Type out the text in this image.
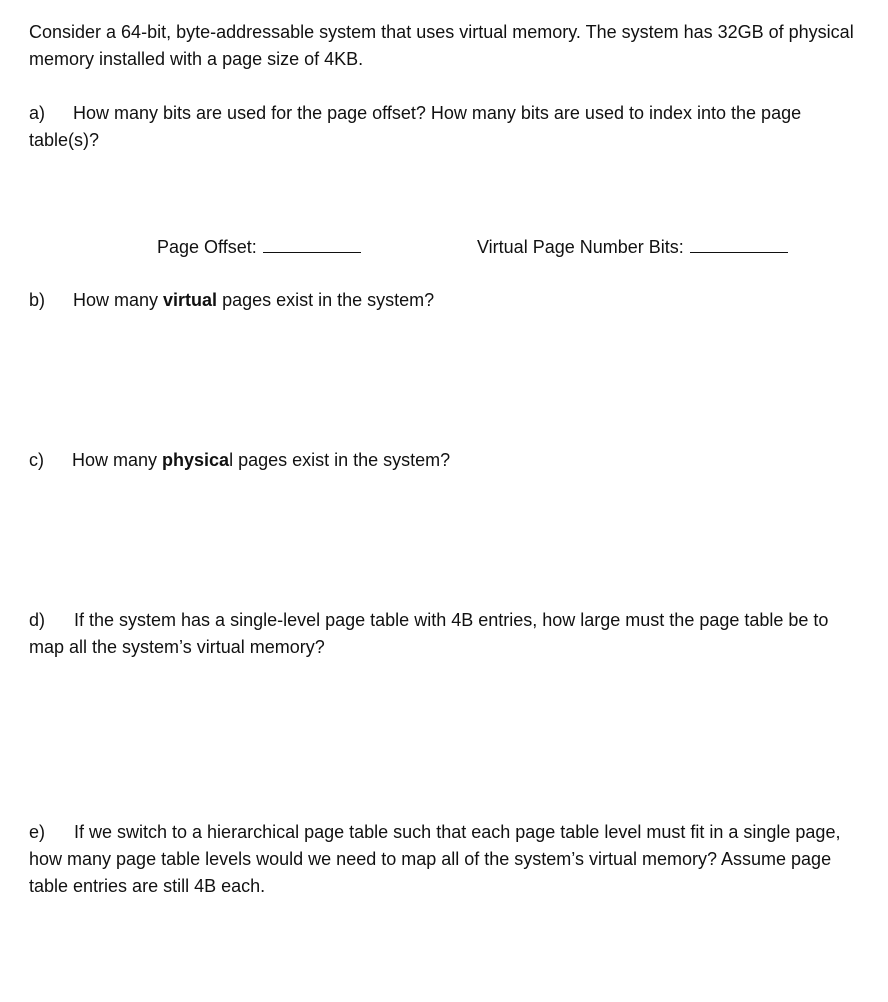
Consider a 64-bit, byte-addressable system that uses virtual memory. The system has 32GB of physical memory installed with a page size of 4KB.
a) How many bits are used for the page offset? How many bits are used to index into the page table(s)?
Page Offset:	Virtual Page Number Bits:
b) How many virtual pages exist in the system?
c) How many physical pages exist in the system?
d) If the system has a single-level page table with 4B entries, how large must the page table be to map all the system’s virtual memory?
e) If we switch to a hierarchical page table such that each page table level must fit in a single page, how many page table levels would we need to map all of the system’s virtual memory? Assume page table entries are still 4B each.
